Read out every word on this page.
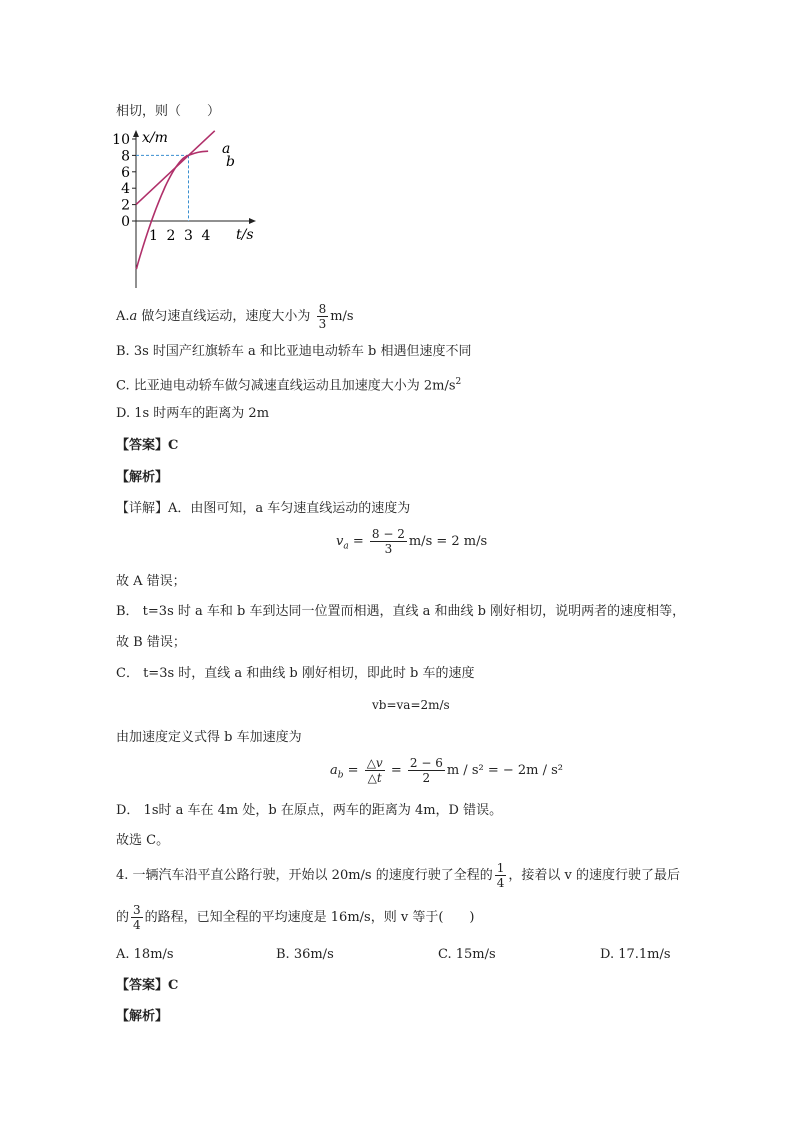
相切，则（　　）
x/m
t/s
10
8
6
4
2
0
1 2 3 4
a
b
A.a 做匀速直线运动，速度大小为 $\frac{8}{3} m/s$
B. 3s 时国产红旗轿车 a 和比亚迪电动轿车 b 相遇但速度不同
C. 比亚迪电动轿车做匀减速直线运动且加速度大小为 $2m/s^2$
D. 1s 时两车的距离为 2m
【答案】C
【解析】
【详解】A．由图可知，a 车匀速直线运动的速度为
$v_a = \frac{8 - 2}{3} m/s = 2$ m/s
故 A 错误；
B． t=3s 时 a 车和 b 车到达同一位置而相遇，直线 a 和曲线 b 刚好相切，说明两者的速度相等，
故 B 错误；
C． t=3s 时，直线 a 和曲线 b 刚好相切，即此时 b 车的速度
vb=va=2m/s
由加速度定义式得 b 车加速度为
$a_b = \frac{\triangle v}{\triangle t} = \frac{2 - 6}{2}$ m / s² = − 2m / s²
D． 1s时 a 车在 4m 处，b 在原点，两车的距离为 4m，D 错误。
故选 C。
4. 一辆汽车沿平直公路行驶，开始以 20m/s 的速度行驶了全程的 $\frac{1}{4}$ ，接着以 v 的速度行驶了最后
的 $\frac{3}{4}$ 的路程，已知全程的平均速度是 16m/s，则 v 等于(　　)
A. 18m/s	B. 36m/s	C. 15m/s	D. 17.1m/s
【答案】C
【解析】
